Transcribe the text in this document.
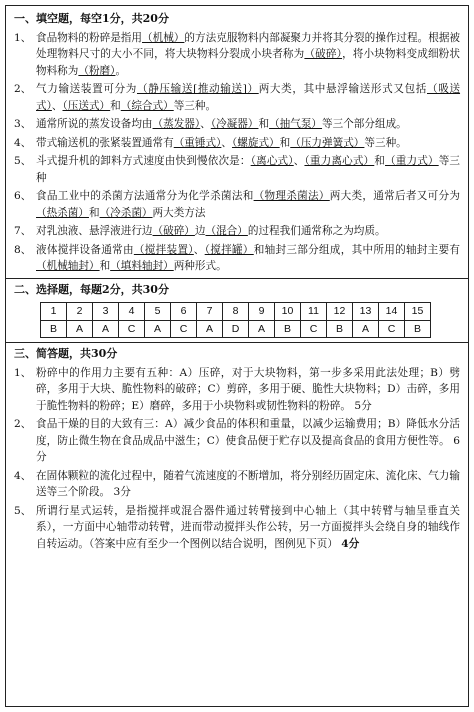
一、填空题，每空1分，共20分
1、 食品物料的粉碎是指用（机械）的方法克服物料内部凝聚力并将其分裂的操作过程。根据被处理物料尺寸的大小不同，将大块物料分裂成小块者称为（破碎），将小块物料变成细粉状物料称为（粉磨）。
2、 气力输送装置可分为（静压输送[推动输送]）两大类，其中悬浮输送形式又包括（吸送式）、（压送式）和（综合式）等三种。
3、 通常所说的蒸发设备均由（蒸发器）、（冷凝器）和（抽气泵）等三个部分组成。
4、 带式输送机的张紧装置通常有（重锤式）、（螺旋式）和（压力弹簧式）等三种。
5、 斗式提升机的卸料方式速度由快到慢依次是：（离心式）、（重力离心式）和（重力式）等三种
6、 食品工业中的杀菌方法通常分为化学杀菌法和（物理杀菌法）两大类，通常后者又可分为（热杀菌）和（冷杀菌）两大类方法
7、 对乳浊液、悬浮液进行边（破碎）边（混合）的过程我们通常称之为均质。
8、 液体搅拌设备通常由（搅拌装置）、（搅拌罐）和轴封三部分组成，其中所用的轴封主要有（机械轴封）和（填料轴封）两种形式。
二、选择题，每题2分，共30分
1	2	3	4	5	6	7	8	9	10	11	12	13	14	15
B	A	A	C	A	C	A	D	A	B	C	B	A	C	B
三、简答题，共30分
1、 粉碎中的作用力主要有五种：A）压碎，对于大块物料，第一步多采用此法处理；B）劈碎，多用于大块、脆性物料的破碎；C）剪碎，多用于硬、脆性大块物料；D）击碎，多用于脆性物料的粉碎；E）磨碎，多用于小块物料或韧性物料的粉碎。 5分
2、 食品干燥的目的大致有三：A）减少食品的体积和重量，以减少运输费用；B）降低水分活度，防止微生物在食品成品中滋生；C）使食品便于贮存以及提高食品的食用方便性等。 6分
4、 在固体颗粒的流化过程中，随着气流速度的不断增加，将分别经历固定床、流化床、气力输送等三个阶段。 3分
5、 所谓行星式运转，是指搅拌或混合器件通过转臂接到中心轴上（其中转臂与轴呈垂直关系），一方面中心轴带动转臂，进而带动搅拌头作公转，另一方面搅拌头会绕自身的轴线作自转运动。（答案中应有至少一个图例以结合说明，图例见下页） 4分
